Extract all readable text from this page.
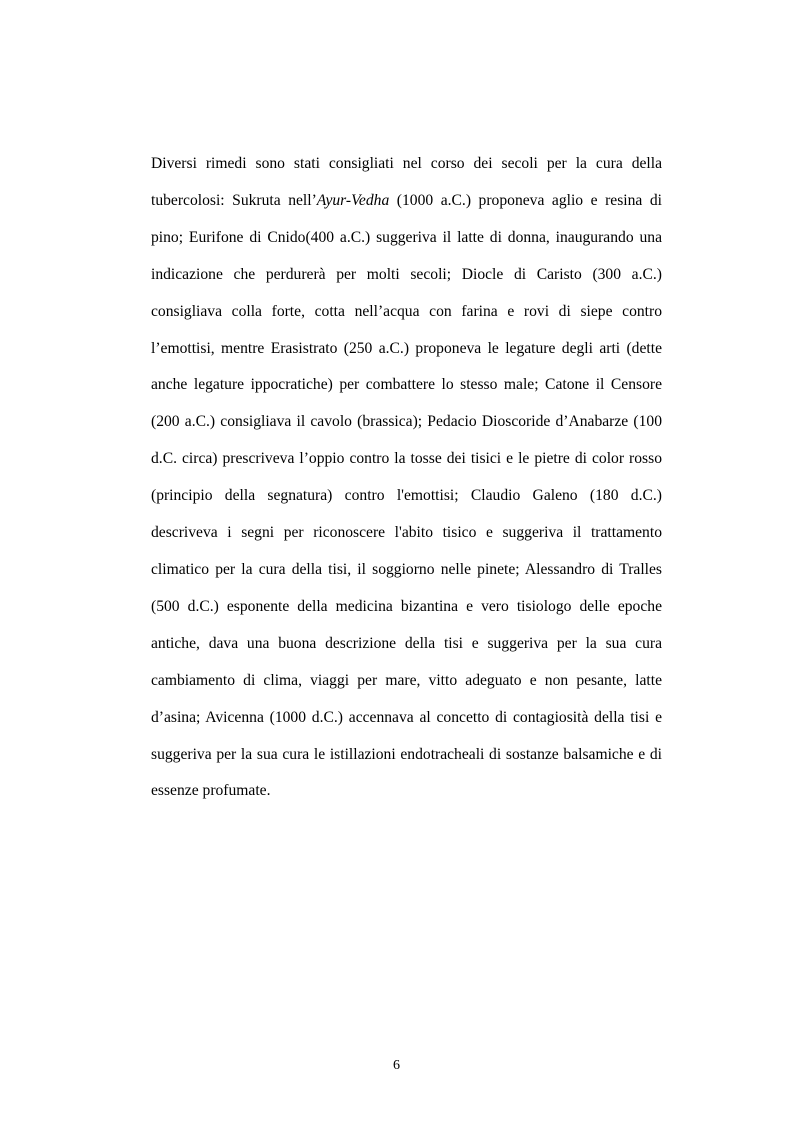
Diversi rimedi sono stati consigliati nel corso dei secoli per la cura della tubercolosi: Sukruta nell’Ayur-Vedha (1000 a.C.) proponeva aglio e resina di pino; Eurifone di Cnido(400 a.C.) suggeriva il latte di donna, inaugurando una indicazione che perdurerà per molti secoli; Diocle di Caristo (300 a.C.) consigliava colla forte, cotta nell’acqua con farina e rovi di siepe contro l’emottisi, mentre Erasistrato (250 a.C.) proponeva le legature degli arti (dette anche legature ippocratiche) per combattere lo stesso male; Catone il Censore (200 a.C.) consigliava il cavolo (brassica); Pedacio Dioscoride d’Anabarze (100 d.C. circa) prescriveva l’oppio contro la tosse dei tisici e le pietre di color rosso (principio della segnatura) contro l'emottisi; Claudio Galeno (180 d.C.) descriveva i segni per riconoscere l'abito tisico e suggeriva il trattamento climatico per la cura della tisi, il soggiorno nelle pinete; Alessandro di Tralles (500 d.C.) esponente della medicina bizantina e vero tisiologo delle epoche antiche, dava una buona descrizione della tisi e suggeriva per la sua cura cambiamento di clima, viaggi per mare, vitto adeguato e non pesante, latte d’asina; Avicenna (1000 d.C.) accennava al concetto di contagiosità della tisi e suggeriva per la sua cura le istillazioni endotracheali di sostanze balsamiche e di essenze profumate.

6
